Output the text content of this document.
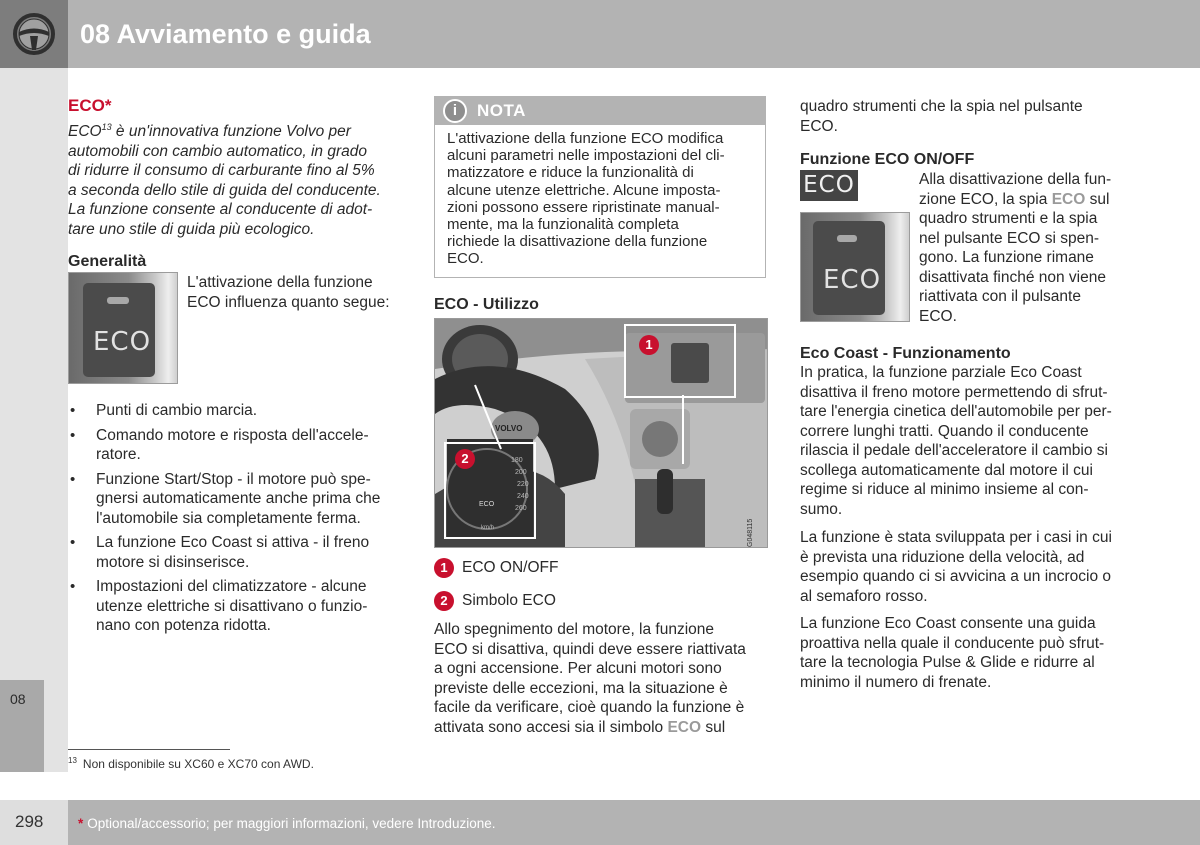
08 Avviamento e guida
08
ECO*
ECO$^{13}$ è un'innovativa funzione Volvo per
automobili con cambio automatico, in grado
di ridurre il consumo di carburante fino al 5%
a seconda dello stile di guida del conducente.
La funzione consente al conducente di adot-
tare uno stile di guida più ecologico.
Generalità
ECO
L'attivazione della funzione
ECO influenza quanto segue:
• Punti di cambio marcia.
• Comando motore e risposta dell'accele-
ratore.
• Funzione Start/Stop - il motore può spe-
gnersi automaticamente anche prima che
l'automobile sia completamente ferma.
• La funzione Eco Coast si attiva - il freno
motore si disinserisce.
• Impostazioni del climatizzatore - alcune
utenze elettriche si disattivano o funzio-
nano con potenza ridotta.
$^{13}$ Non disponibile su XC60 e XC70 con AWD.
i	NOTA
L'attivazione della funzione ECO modifica
alcuni parametri nelle impostazioni del cli-
matizzatore e riduce la funzionalità di
alcune utenze elettriche. Alcune imposta-
zioni possono essere ripristinate manual-
mente, ma la funzionalità completa
richiede la disattivazione della funzione
ECO.
ECO - Utilizzo
VOLVO
ECO
180
200
220
240
260
km/h
1
2
G048115
1 ECO ON/OFF
2 Simbolo ECO
Allo spegnimento del motore, la funzione
ECO si disattiva, quindi deve essere riattivata
a ogni accensione. Per alcuni motori sono
previste delle eccezioni, ma la situazione è
facile da verificare, cioè quando la funzione è
attivata sono accesi sia il simbolo ECO sul
quadro strumenti che la spia nel pulsante
ECO.
Funzione ECO ON/OFF
ECO
ECO
Alla disattivazione della fun-
zione ECO, la spia ECO sul
quadro strumenti e la spia
nel pulsante ECO si spen-
gono. La funzione rimane
disattivata finché non viene
riattivata con il pulsante
ECO.
Eco Coast - Funzionamento
In pratica, la funzione parziale Eco Coast
disattiva il freno motore permettendo di sfrut-
tare l'energia cinetica dell'automobile per per-
correre lunghi tratti. Quando il conducente
rilascia il pedale dell'acceleratore il cambio si
scollega automaticamente dal motore il cui
regime si riduce al minimo insieme al con-
sumo.
La funzione è stata sviluppata per i casi in cui
è prevista una riduzione della velocità, ad
esempio quando ci si avvicina a un incrocio o
al semaforo rosso.
La funzione Eco Coast consente una guida
proattiva nella quale il conducente può sfrut-
tare la tecnologia Pulse & Glide e ridurre al
minimo il numero di frenate.
298	* Optional/accessorio; per maggiori informazioni, vedere Introduzione.
